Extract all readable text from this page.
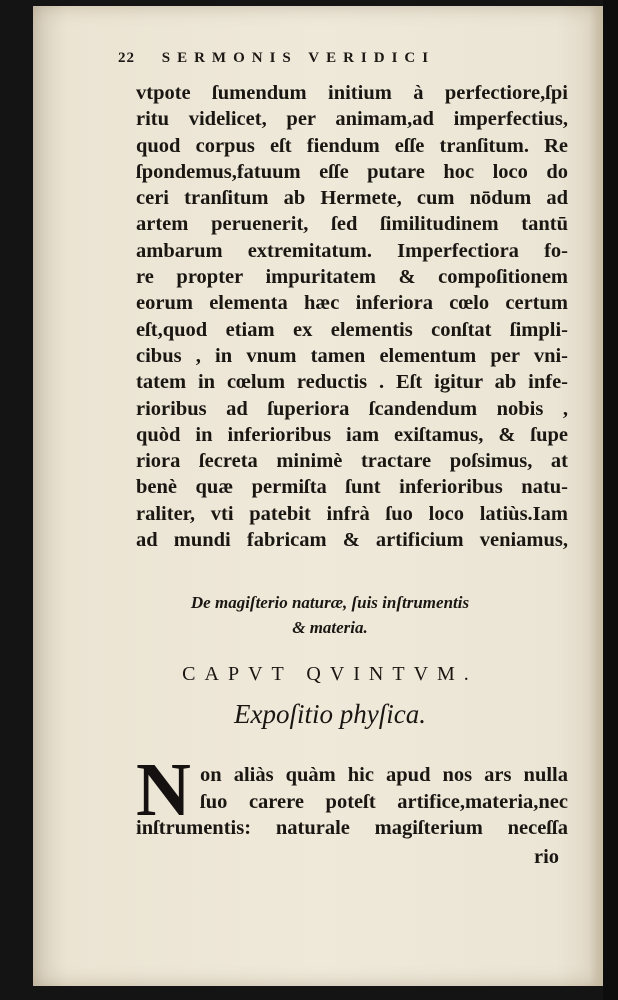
22 SERMONIS VERIDICI
vtpote ſumendum initium à perfectiore,ſpi
ritu videlicet, per animam,ad imperfectius,
quod corpus eſt fiendum eſſe tranſitum. Re
ſpondemus,fatuum eſſe putare hoc loco do
ceri tranſitum ab Hermete, cum nōdum ad
artem peruenerit, ſed ſimilitudinem tantū
ambarum extremitatum. Imperfectiora fo-
re propter impuritatem & compoſitionem
eorum elementa hæc inferiora cœlo certum
eſt,quod etiam ex elementis conſtat ſimpli-
cibus , in vnum tamen elementum per vni-
tatem in cœlum reductis . Eſt igitur ab infe-
rioribus ad ſuperiora ſcandendum nobis ,
quòd in inferioribus iam exiſtamus, & ſupe
riora ſecreta minimè tractare poſsimus, at
benè quæ permiſta ſunt inferioribus natu-
raliter, vti patebit infrà ſuo loco latiùs.Iam
ad mundi fabricam & artificium veniamus,
De magiſterio naturæ, ſuis inſtrumentis
& materia.
CAPVT QVINTVM.
Expoſitio phyſica.
N on aliàs quàm hic apud nos ars nulla
ſuo carere poteſt artifice,materia,nec
inſtrumentis: naturale magiſterium neceſſa
rio
